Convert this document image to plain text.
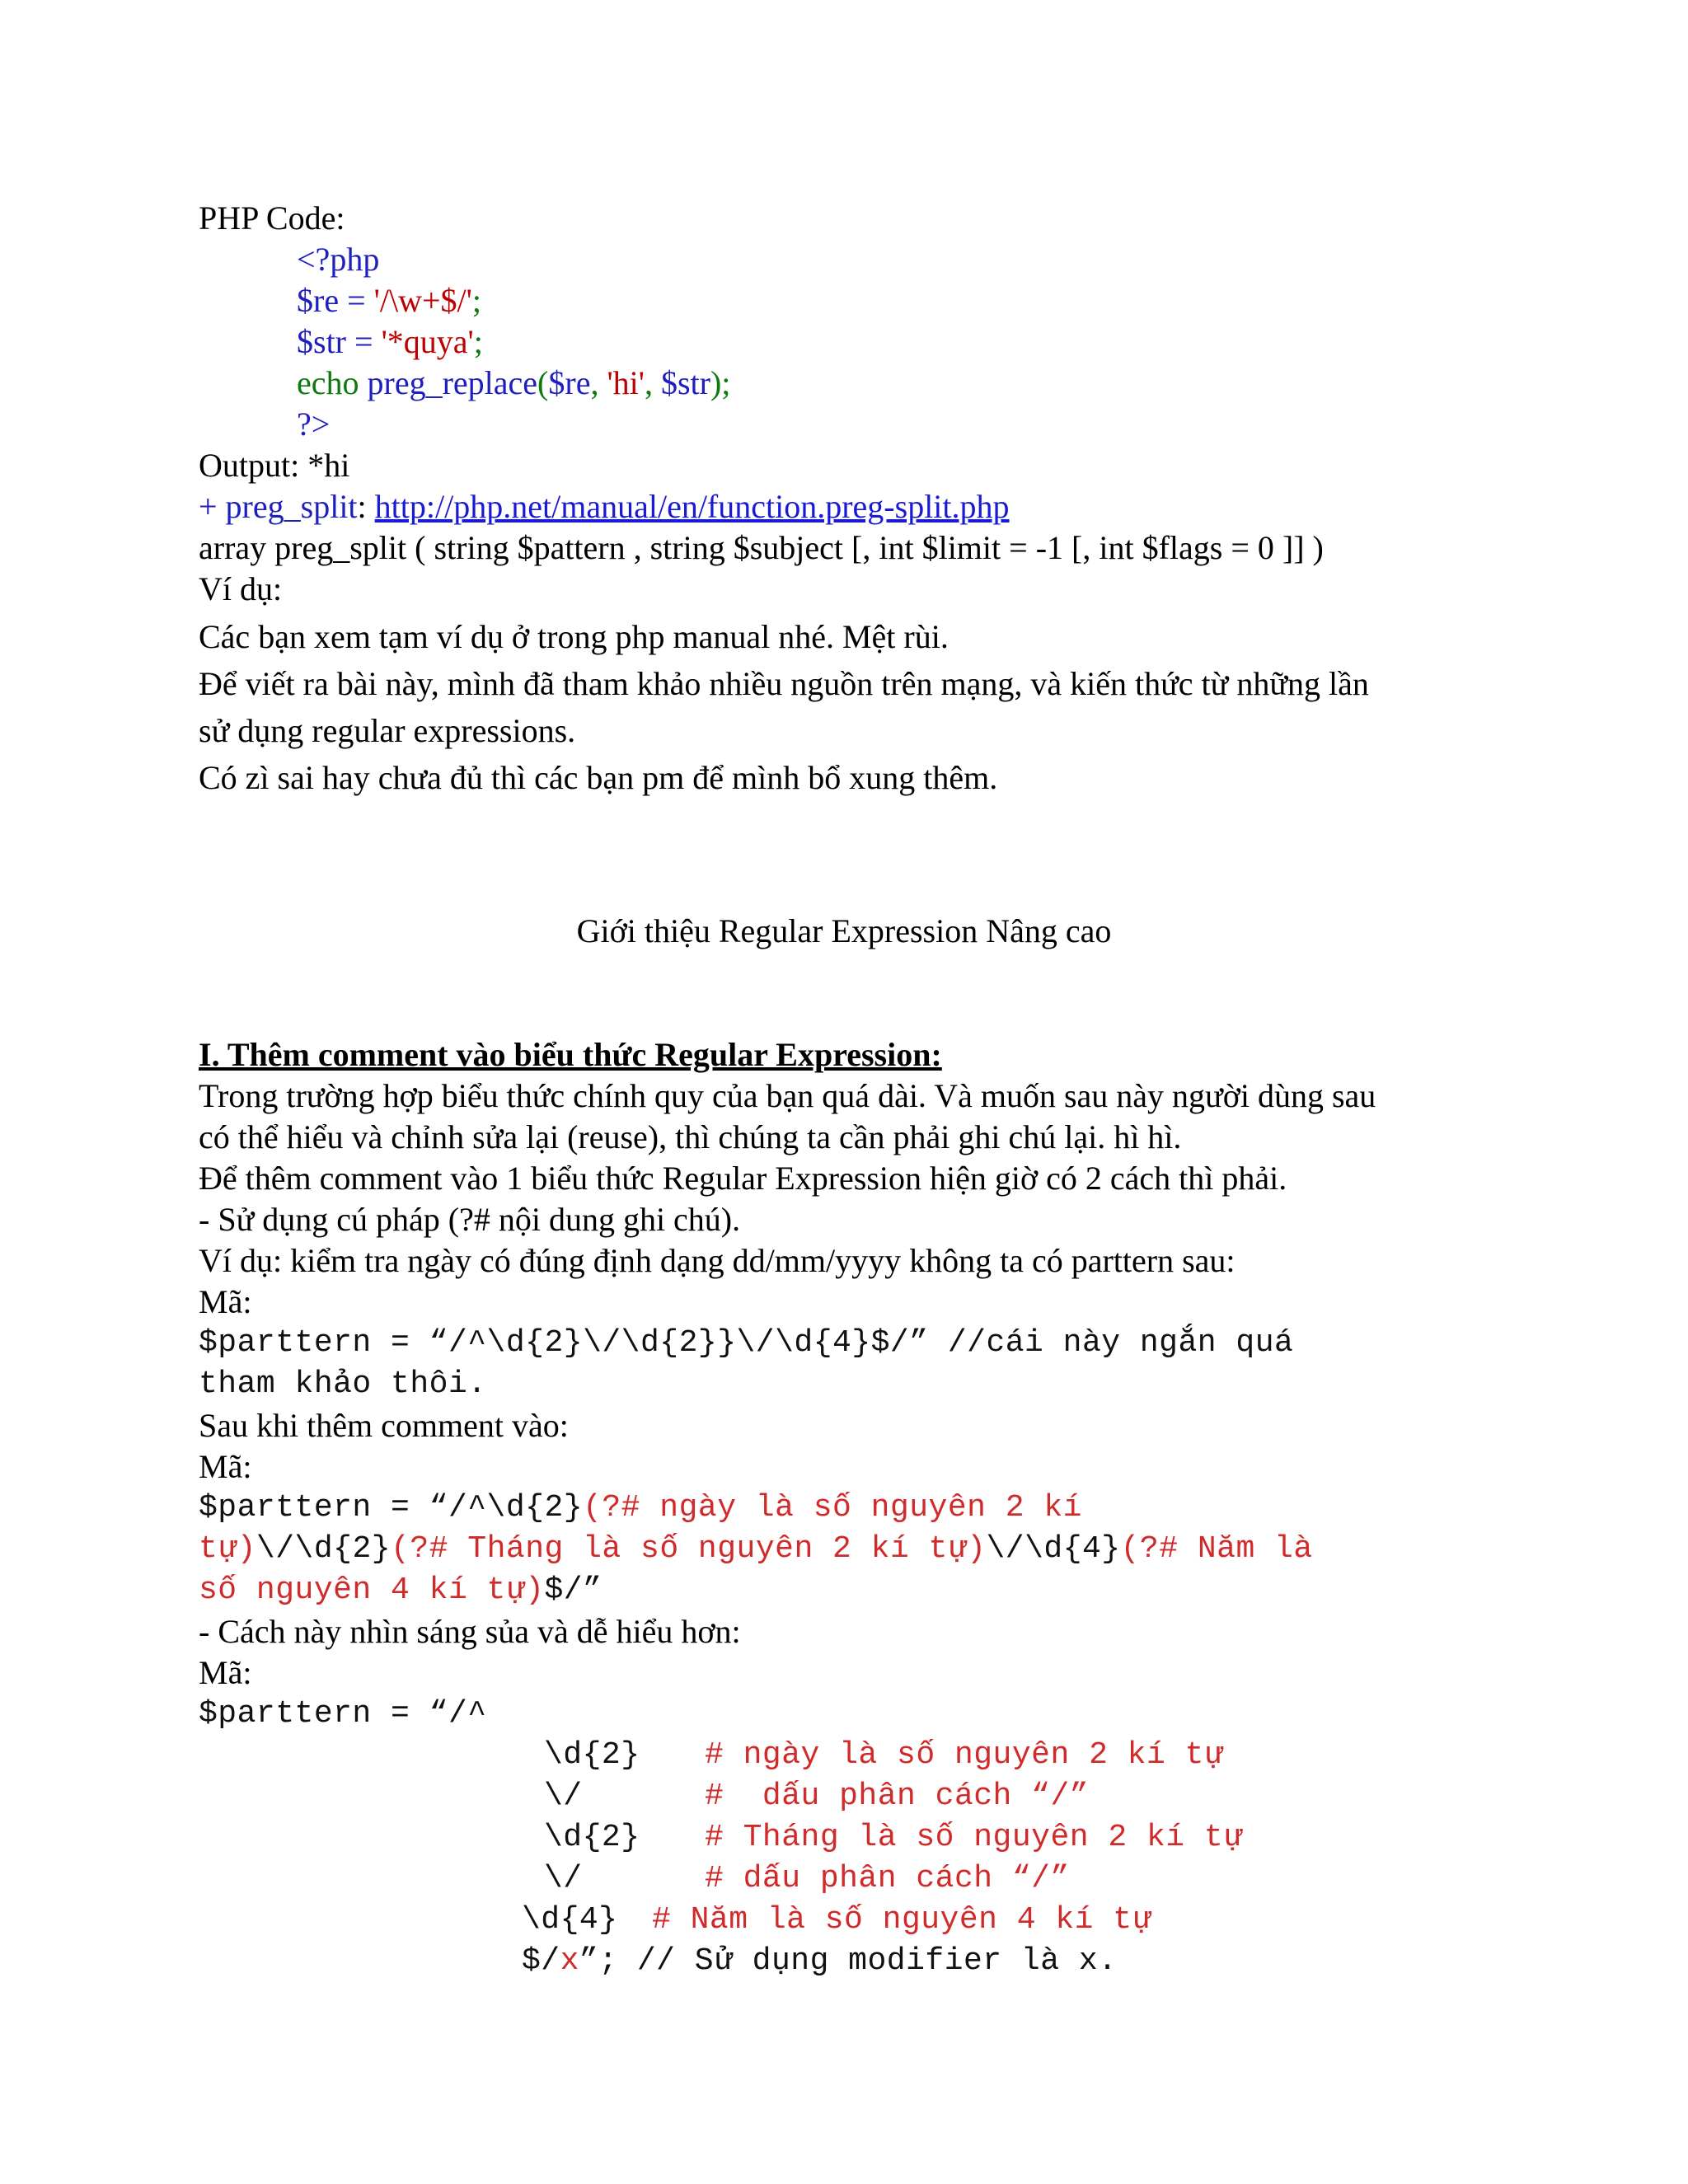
PHP Code:
<?php
$re = '/\w+$/';
$str = '*quya';
echo preg_replace($re, 'hi', $str);
?>
Output: *hi
+ preg_split: http://php.net/manual/en/function.preg-split.php
array preg_split ( string $pattern , string $subject [, int $limit = -1 [, int $flags = 0 ]] )
Ví dụ:
Các bạn xem tạm ví dụ ở trong php manual nhé. Mệt rùi.
Để viết ra bài này, mình đã tham khảo nhiều nguồn trên mạng, và kiến thức từ những lần
sử dụng regular expressions.
Có zì sai hay chưa đủ thì các bạn pm để mình bổ xung thêm.
Giới thiệu Regular Expression Nâng cao
I. Thêm comment vào biểu thức Regular Expression:
Trong trường hợp biểu thức chính quy của bạn quá dài. Và muốn sau này người dùng sau
có thể hiểu và chỉnh sửa lại (reuse), thì chúng ta cần phải ghi chú lại. hì hì.
Để thêm comment vào 1 biểu thức Regular Expression hiện giờ có 2 cách thì phải.
- Sử dụng cú pháp (?# nội dung ghi chú).
Ví dụ: kiểm tra ngày có đúng định dạng dd/mm/yyyy không ta có parttern sau:
Mã:
$parttern = “/^\d{2}\/\d{2}}\/\d{4}$/” //cái này ngắn quá
tham khảo thôi.
Sau khi thêm comment vào:
Mã:
$parttern = “/^\d{2}(?# ngày là số nguyên 2 kí
tự)\/\d{2}(?# Tháng là số nguyên 2 kí tự)\/\d{4}(?# Năm là
số nguyên 4 kí tự)$/”
- Cách này nhìn sáng sủa và dễ hiểu hơn:
Mã:
$parttern = “/^
\d{2} # ngày là số nguyên 2 kí tự
\/	#  dấu phân cách “/”
\d{2} # Tháng là số nguyên 2 kí tự
\/	# dấu phân cách “/”
\d{4} # Năm là số nguyên 4 kí tự
$/x”; // Sử dụng modifier là x.
